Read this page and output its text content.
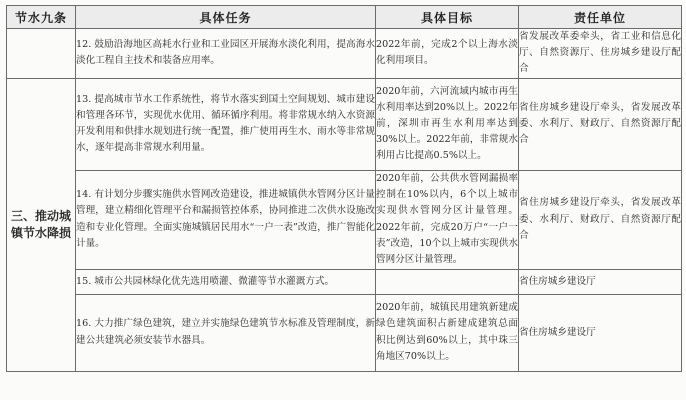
节水九条	具体任务	具体目标	责任单位
	12. 鼓励沿海地区高耗水行业和工业园区开展海水淡化利用，提高海水淡化工程自主技术和装备应用率。	2022年前，完成2个以上海水淡化利用项目。	省发展改革委牵头，省工业和信息化厅、自然资源厅、住房城乡建设厅配合
三、推动城镇节水降损	13. 提高城市节水工作系统性，将节水落实到国土空间规划、城市建设和管理各环节，实现优水优用、循环循序利用。将非常规水纳入水资源开发利用和供排水规划进行统一配置，推广使用再生水、雨水等非常规水，逐年提高非常规水利用量。	2020年前，六河流域内城市再生水利用率达到20%以上。2022年前，深圳市再生水利用率达到30%以上。2022年前，非常规水利用占比提高0.5%以上。	省住房城乡建设厅牵头，省发展改革委、水利厅、财政厅、自然资源厅配合
	14. 有计划分步骤实施供水管网改造建设，推进城镇供水管网分区计量管理，建立精细化管理平台和漏损管控体系，协同推进二次供水设施改造和专业化管理。全面实施城镇居民用水“一户一表”改造，推广智能化计量。	2020年前，公共供水管网漏损率控制在10%以内，6个以上城市实现供水管网分区计量管理。2022年前，完成20万户“一户一表”改造，10个以上城市实现供水管网分区计量管理。	省住房城乡建设厅牵头，省发展改革委、水利厅、财政厅、自然资源厅配合
	15. 城市公共园林绿化优先选用喷灌、微灌等节水灌溉方式。		省住房城乡建设厅
	16. 大力推广绿色建筑，建立并实施绿色建筑节水标准及管理制度，新建公共建筑必须安装节水器具。	2020年前，城镇民用建筑新建成绿色建筑面积占新建成建筑总面积比例达到60%以上，其中珠三角地区70%以上。	省住房城乡建设厅
